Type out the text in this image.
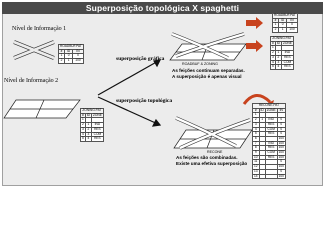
Superposição topológica X spaghetti
Nível de Informação 1
Nível de Informação 2
superposição gráfica
superposição topológica
ROADBUF & ZONING
RECONE
As feições continuam separadas.
A superposição é apenas visual
As feições são combinadas.
Existe uma efetiva superposição
ROADBUF.PAT		
#	ID	IN
1	0	0
2	1	100
ZONING.PAT		
#	ID	ZONE
1		
2	1	IND
3	2	RES
4	3	COM
5	4	RES
ROADBUF.PAT		
#	ID	IN
1	0	0
2	1	100
ZONING.PAT		
#	ID	ZONE
1		
2	1	IND
3	2	RES
4	3	COM
5	4	RES
RECONE.PAT			
#	ID	ZONE	IN
1			
2	1	IND	0
3		RES	0
4		COM	0
5		RES	0
6			100
7		IND	100
8		RES	100
9		COM	100
10		RES	100
11			0
12			100
13			0
14			100
